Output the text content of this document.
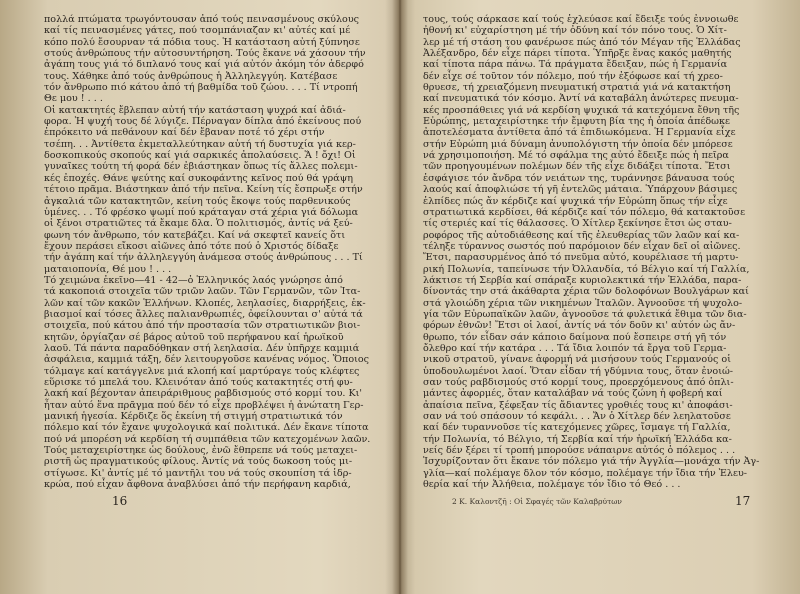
πολλά πτώματα τρωγόντουσαν ἀπό τούς πεινασμένους σκύλους
καί τίς πεινασμένες γάτες, πού τσομπάνιαζαν κι' αὐτές καί μέ
κόπο πολύ ἔσουρναν τά πόδια τους. Ἡ κατάσταση αὐτή ξύπνησε
στούς ἀνθρώπους τήν αὐτοσυντήρηση. Τούς ἔκανε νά χάσουν τήν
ἀγάπη τους γιά τό διπλανό τους καί γιά αὐτόν ἀκόμη τόν ἀδερφό
τους. Χάθηκε ἀπό τούς ἀνθρώπους ἡ Ἀλληλεγγύη. Κατέβασε
τόν ἄνθρωπο πιό κάτου ἀπό τή βαθμίδα τοῦ ζώου. . . . Τί ντροπή
Θε μου ! . . .
Οἱ κατακτητές ἔβλεπαν αὐτή τήν κατάσταση ψυχρά καί ἀδιά-
φορα. Ἡ ψυχή τους δέ λύγιζε. Πέρναγαν δίπλα ἀπό ἐκείνους πού
ἐπρόκειτο νά πεθάνουν καί δέν ἔβαναν ποτέ τό χέρι στήν
τσέπη. . . Ἀντίθετα ἐκμεταλλεύτηκαν αὐτή τή δυστυχία γιά κερ-
δοσκοπικούς σκοπούς καί γιά σαρκικές ἀπολαύσεις. Ἅ ! ὄχι! Οἱ
γυναῖκες τούτη τή φορά δέν ἐβιάστηκαν ὅπως τίς ἄλλες πολεμι-
κές ἐποχές. Θάνε ψεύτης καί συκοφάντης κεῖνος πού θά γράψη
τέτοιο πρᾶμα. Βιάστηκαν ἀπό τήν πεῖνα. Κείνη τίς ἔσπρωξε στήν
ἀγκαλιά τῶν κατακτητῶν, κείνη τούς ἔκοψε τούς παρθενικούς
ὑμένες. . . Τό φρέσκο ψωμί πού κράταγαν στά χέρια γιά δόλωμα
οἱ ξένοι στρατιῶτες τά ἔκαμε δλα. Ὁ πολιτισμός, ἀντίς νά ξεύ-
φωνη τόν ἄνθρωπο, τόν κατεβάζει. Καί νά σκεφτεῖ κανείς ὅτι
ἔχουν περάσει εἴκοσι αἰῶνες ἀπό τότε πού ὁ Χριστός δίδαξε
τήν ἀγάπη καί τήν ἀλληλεγγύη ἀνάμεσα στούς ἀνθρώπους . . . Τί
ματαιοπονία, Θέ μου ! . . .
Τό χειμώνα ἐκεῖνο—41 - 42—ὁ Ἑλληνικός λαός γνώρησε ἀπό
τά κακοποιά στοιχεῖα τῶν τριῶν λαῶν. Τῶν Γερμανῶν, τῶν Ἰτα-
λῶν καί τῶν κακῶν Ἑλλήνων. Κλοπές, λεηλασίες, διαρρήξεις, ἐκ-
βιασμοί καί τόσες ἄλλες παλιανθρωπιές, ὀφείλουνται σ' αὐτά τά
στοιχεῖα, πού κάτου ἀπό τήν προστασία τῶν στρατιωτικῶν βιοι-
κητῶν, ὀργίαζαν σέ βάρος αὐτοῦ τοῦ περήφανου καί ἡρωϊκοῦ
λαοῦ. Τά πάντα παραδόθηκαν στή λεηλασία. Δέν ὑπῆρχε καμμιά
ἀσφάλεια, καμμιά τάξη, δέν λειτουργοῦσε κανένας νόμος. Ὅποιος
τόλμαγε καί κατάγγελνε μιά κλοπή καί μαρτύραγε τούς κλέφτες
εὕρισκε τό μπελά του. Κλεινόταν ἀπό τούς κατακτητές στή φυ-
λακή καί βέχονταν ἀπειράριθμους ραβδισμούς στό κορμί του. Κι'
ἦταν αὐτό ἕνα πρᾶγμα πού δέν τό εἶχε προβλέψει ἡ ἀνώτατη Γερ-
μανική ἡγεσία. Κέρδιζε ὅς ἐκείνη τή στιγμή στρατιωτικά τόν
πόλεμο καί τόν ἔχανε ψυχολογικά καί πολιτικά. Δέν ἔκανε τίποτα
πού νά μπορέση νά κερδίση τή συμπάθεια τῶν κατεχομένων λαῶν.
Τούς μεταχειρίστηκε ὡς δούλους, ἐνῶ ἔθπρεπε νά τούς μεταχει-
ριστῆ ὡς πραγματικούς φίλους. Ἀντίς νά τούς δωκοση τούς μι-
στίγωσε. Κι' ἀντίς μέ τό μαντῆλι του νά τούς σκουπίση τά ἱδρ-
κρώα, πού εἶχαν ἄφθονα ἀναβλύσει ἀπό τήν περήφανη καρδιά,
16
τους, τούς σάρκασε καί τούς ἐχλεύασε καί ἔδειξε τούς ἐννοιωθε
ἠθονή κι' εὐχαρίστηση μέ τήν ὀδύνη καί τόν πόνο τους. Ὁ Χίτ-
λερ μέ τή στάση του φανέρωσε πώς ἀπό τόν Μέγαν τῆς Ἑλλάδας
Ἀλέξανδρο, δέν εἶχε πάρει τίποτα. Ὑπῆρξε ἕνας κακός μαθητής
καί τίποτα πάρα πάνω. Τά πράγματα ἔδειξαν, πώς ἡ Γερμανία
δέν εἶχε σέ τοῦτον τόν πόλεμο, πού τήν ἐξόφωσε καί τή χρεο-
θρυεσε, τή χρειαζόμενη πνευματική στρατιά γιά νά κατακτήση
καί πνευματικά τόν κόσμο. Ἀντί νά καταβάλη ἀνώτερες πνευμα-
κές προσπάθειες γιά νά κερδίση ψυχικά τά κατεχόμενα ἔθνη τῆς
Εὐρώπης, μεταχειρίστηκε τήν ἔμφυτη βία της ἡ ὁποία ἀπέδωκε
ἀποτελέσματα ἀντίθετα ἀπό τά ἐπιδιωκόμενα. Ἡ Γερμανία εἶχε
στήν Εὐρώπη μιά δύναμη ἀνυπολόγιστη τήν ὁποία δέν μπόρεσε
νά χρησιμοποιήση. Μέ τό σφάλμα της αὐτό ἔδειξε πώς ἡ πεῖρα
τῶν προηγουμένων πολέμων δέν τῆς εἶχε διδάξει τίποτα. Ἔτσι
ἐσφάγισε τόν ἄνδρα τόν νειάτων της, τυράννησε βάναυσα τούς
λαούς καί ἀποφλιώσε τή γῆ ἐντελῶς μάταια. Ὑπάρχουν βάσιμες
ἐλπίδες πώς ἄν κέρδιζε καί ψυχικά τήν Εὐρώπη ὅπως τήν εἶχε
στρατιωτικά κερδίσει, θά κέρδιζε καί τόν πόλεμο, θά κατακτοῦσε
τίς στεριές καί τίς θάλασσες. Ὁ Χίτλερ ξεκίνησε ἔτσι ὡς σταυ-
ροφόρος τῆς αὐτοδιάθεσης καί τῆς ἐλευθερίας τῶν λαῶν καί κα-
τέληξε τύραννος σωστός πού παρόμοιον δέν εἶχαν δεῖ οἱ αἰῶνες.
Ἔτσι, παρασυρμένος ἀπό τό πνεῦμα αὐτό, κουρέλιασε τή μαρτυ-
ρική Πολωνία, ταπείνωσε τήν Ὀλλανδία, τό Βέλγιο καί τή Γαλλία,
λάκτισε τή Σερβία καί σπάραξε κυριολεκτικά τήν Ἑλλάδα, παρα-
δίνοντάς την στά ἀκάθαρτα χέρια τῶν δολοφόνων Βουλγάρων καί
στά γλοιώδη χέρια τῶν νικημένων Ἰταλῶν. Ἀγνοοῦσε τή ψυχολο-
γία τῶν Εὐρωπαϊκῶν λαῶν, ἀγνοοῦσε τά φυλετικά ἔθιμα τῶν δια-
φόρων ἐθνῶν! Ἔτσι οἱ λαοί, ἀντίς νά τόν δοῦν κι' αὐτόν ὡς ἄν-
θρωπο, τόν εἶδαν σάν κάποιο δαίμονα πού ἔσπειρε στή γῆ τόν
ὄλεθρο καί τήν κατάρα . . . Τά ἴδια λοιπόν τά ἔργα τοῦ Γερμα-
νικοῦ στρατοῦ, γίνανε ἀφορμή νά μισήσουν τούς Γερμανούς οἱ
ὑποδουλωμένοι λαοί. Ὅταν εἶδαν τή γδύμνια τους, ὅταν ἐνοιώ-
σαν τούς ραβδισμούς στό κορμί τους, προερχόμενους ἀπό ὁπλι-
μάντες ἀφορμές, ὅταν καταλάβαν νά τούς ζώνη ἡ φοβερή καί
ἀπαίσια πεῖνα, ξέφεξαν τίς ἄδιαντες γροθιές τους κι' ἀποφάσι-
σαν νά τού σπάσουν τό κεφάλι. . . Ἄν ὁ Χίτλερ δέν λεηλατοῦσε
καί δέν τυραννοῦσε τίς κατεχόμενες χῶρες, ἴσμαγε τή Γαλλία,
τήν Πολωνία, τό Βέλγιο, τή Σερβία καί τήν ἡρωϊκή Ἑλλάδα κα-
νείς δέν ξέρει τί τροπή μπορούσε νάπαιρνε αὐτός ὁ πόλεμος . . .
Ἰσχυρίζονταν ὅτι ἔκανε τόν πόλεμο γιά τήν Ἀγγλία—μονάχα τήν Ἀγ-
γλία—καί πολέμαγε δλον τόν κόσμο, πολέμαγε τήν ἴδια τήν Ἐλευ-
θερία καί τήν Ἀλήθεια, πολέμαγε τόν ἴδιο τό Θεό . . .
2 Κ. Καλοντζῆ : Οἱ Σφαγές τῶν Καλαβρύτων	17
